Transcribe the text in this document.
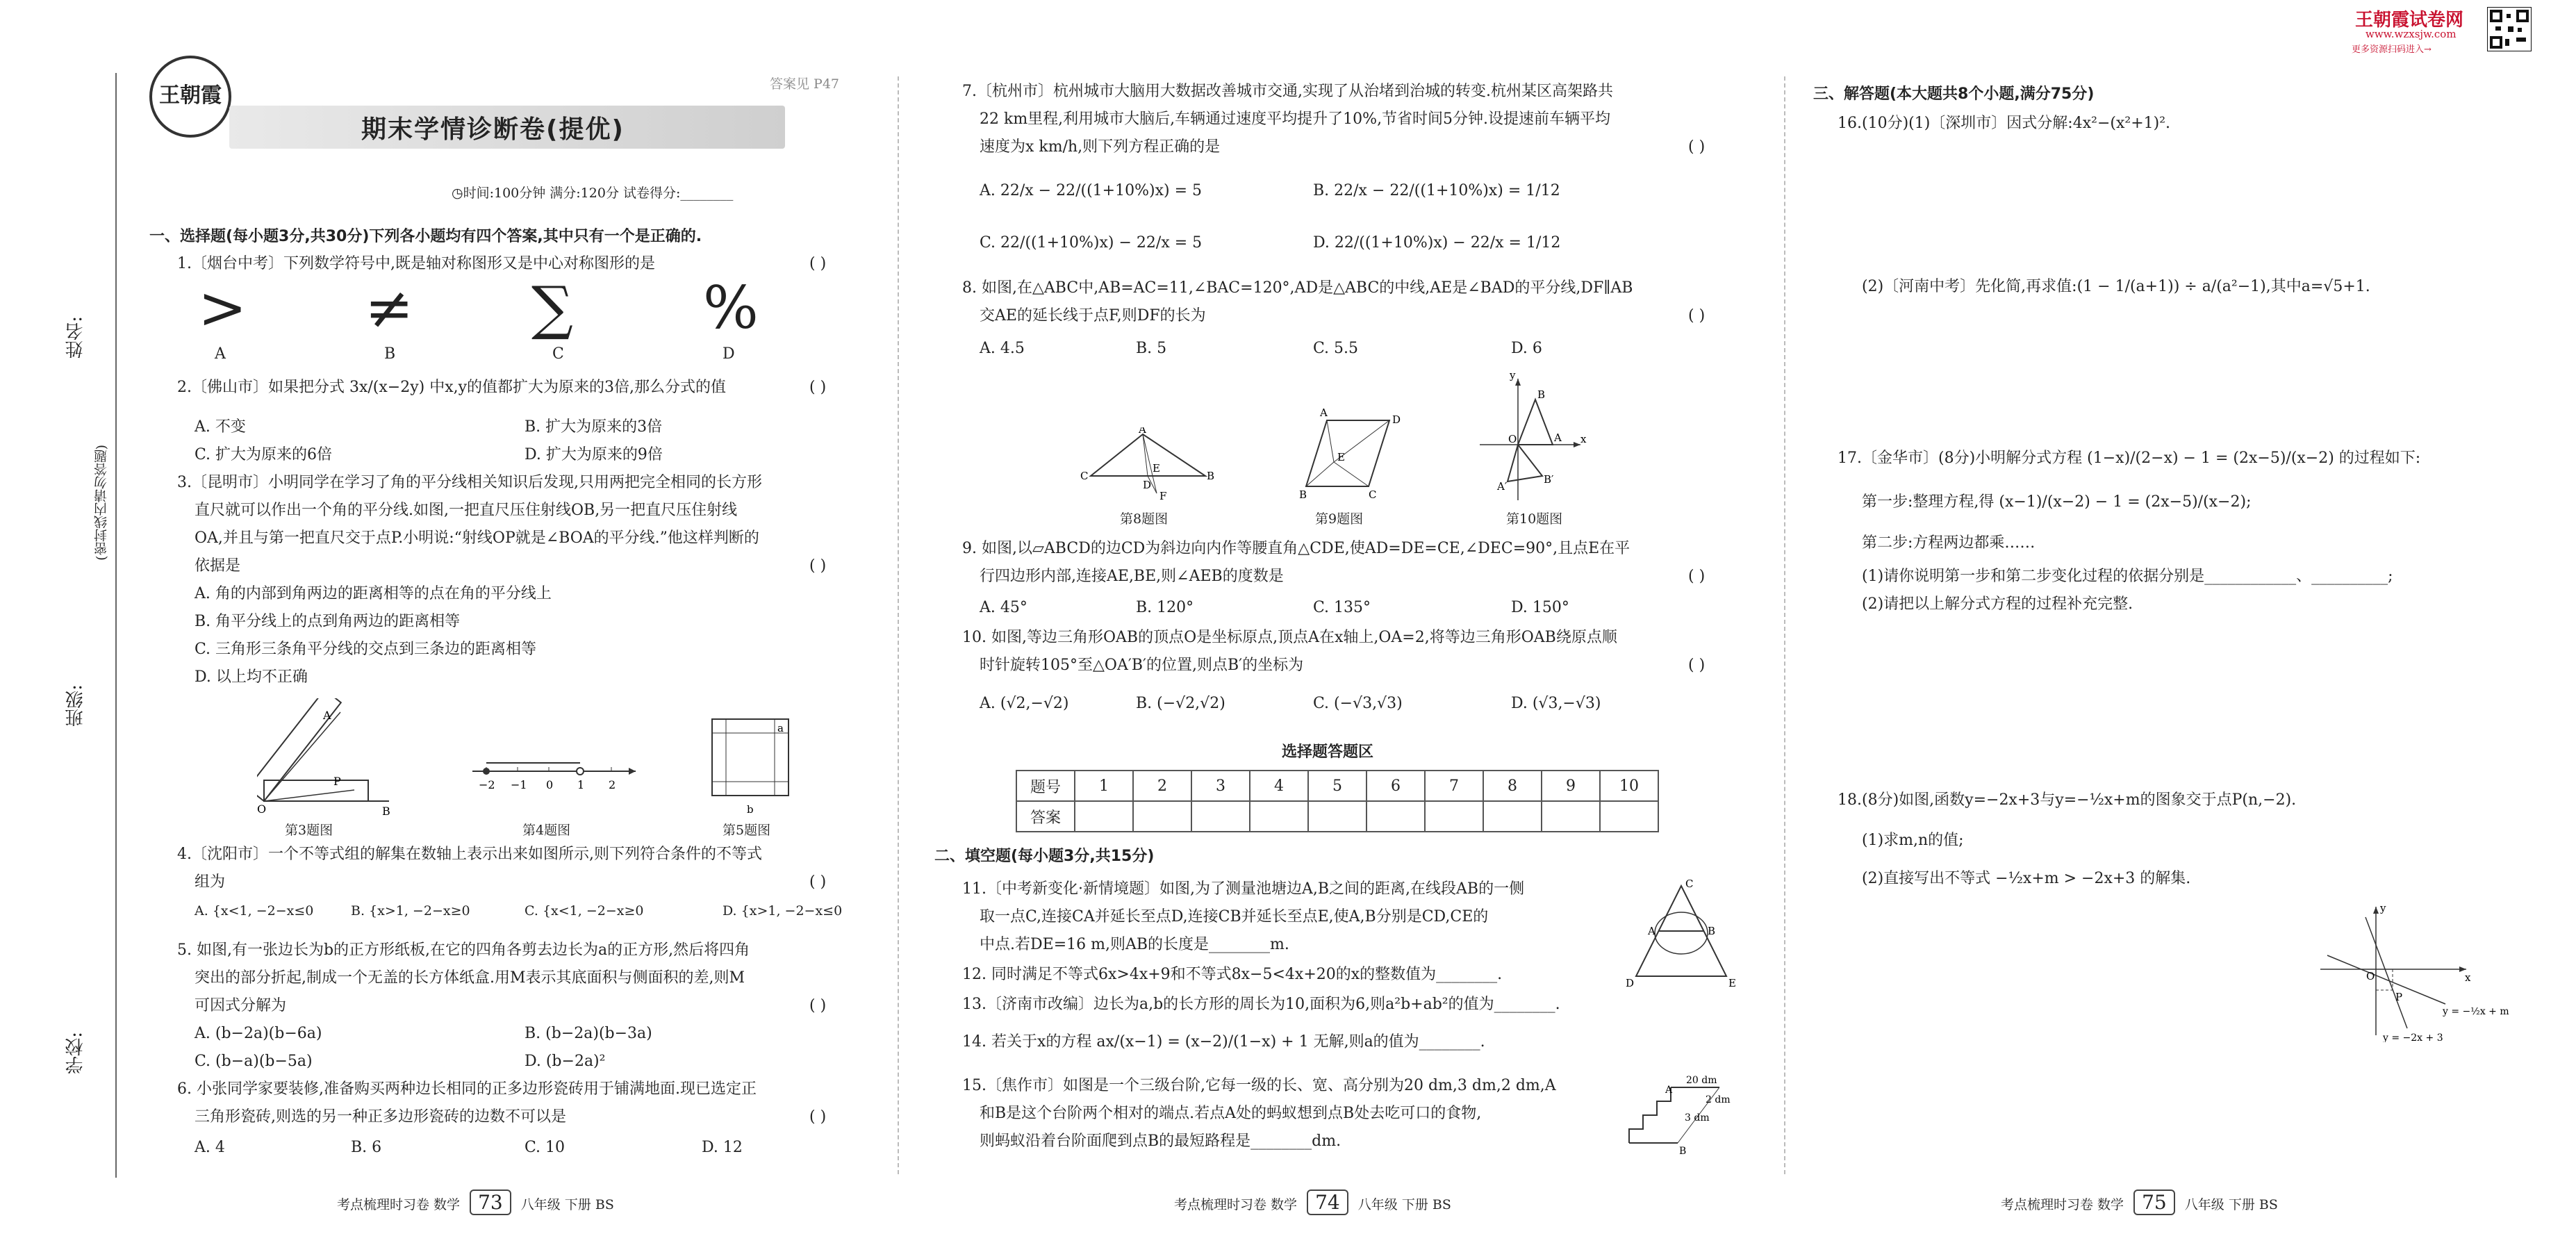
姓名:
(密封线内请勿答题)
班级:
学校:
王朝霞
期末学情诊断卷(提优)
答案见 P47
◷时间:100分钟 满分:120分 试卷得分:________
王朝霞试卷网
www.wzxsjw.com
更多资源扫码进入→
一、选择题(每小题3分,共30分)下列各小题均有四个答案,其中只有一个是正确的.
1.〔烟台中考〕下列数学符号中,既是轴对称图形又是中心对称图形的是	( )
> ≠ ∑ %
A	B	C	D
2.〔佛山市〕如果把分式 3x/(x−2y) 中x,y的值都扩大为原来的3倍,那么分式的值	( )
A. 不变	B. 扩大为原来的3倍
C. 扩大为原来的6倍	D. 扩大为原来的9倍
3.〔昆明市〕小明同学在学习了角的平分线相关知识后发现,只用两把完全相同的长方形
直尺就可以作出一个角的平分线.如图,一把直尺压住射线OB,另一把直尺压住射线
OA,并且与第一把直尺交于点P.小明说:“射线OP就是∠BOA的平分线.”他这样判断的
依据是	( )
A. 角的内部到角两边的距离相等的点在角的平分线上
B. 角平分线上的点到角两边的距离相等
C. 三角形三条角平分线的交点到三条边的距离相等
D. 以上均不正确
O
A
P
B
第3题图
−2 −1 0 1 2
第4题图
a
b
第5题图
4.〔沈阳市〕一个不等式组的解集在数轴上表示出来如图所示,则下列符合条件的不等式
组为	( )
A. {x<1, −2−x≤0	B. {x>1, −2−x≥0	C. {x<1, −2−x≥0	D. {x>1, −2−x≤0
5. 如图,有一张边长为b的正方形纸板,在它的四角各剪去边长为a的正方形,然后将四角
突出的部分折起,制成一个无盖的长方体纸盒.用M表示其底面积与侧面积的差,则M
可因式分解为	( )
A. (b−2a)(b−6a)	B. (b−2a)(b−3a)
C. (b−a)(b−5a)	D. (b−2a)²
6. 小张同学家要装修,准备购买两种边长相同的正多边形瓷砖用于铺满地面.现已选定正
三角形瓷砖,则选的另一种正多边形瓷砖的边数不可以是	( )
A. 4	B. 6	C. 10	D. 12
考点梳理时习卷 数学 73 八年级 下册 BS
7.〔杭州市〕杭州城市大脑用大数据改善城市交通,实现了从治堵到治城的转变.杭州某区高架路共
22 km里程,利用城市大脑后,车辆通过速度平均提升了10%,节省时间5分钟.设提速前车辆平均
速度为x km/h,则下列方程正确的是	( )
A. 22/x − 22/((1+10%)x) = 5	B. 22/x − 22/((1+10%)x) = 1/12
C. 22/((1+10%)x) − 22/x = 5	D. 22/((1+10%)x) − 22/x = 1/12
8. 如图,在△ABC中,AB=AC=11,∠BAC=120°,AD是△ABC的中线,AE是∠BAD的平分线,DF∥AB
交AE的延长线于点F,则DF的长为	( )
A. 4.5	B. 5	C. 5.5	D. 6
A
C	B
D
E
F
第8题图
A
D
B	C
E
第9题图
y
x
O	A
B
A′
B′
第10题图
9. 如图,以▱ABCD的边CD为斜边向内作等腰直角△CDE,使AD=DE=CE,∠DEC=90°,且点E在平
行四边形内部,连接AE,BE,则∠AEB的度数是	( )
A. 45°	B. 120°	C. 135°	D. 150°
10. 如图,等边三角形OAB的顶点O是坐标原点,顶点A在x轴上,OA=2,将等边三角形OAB绕原点顺
时针旋转105°至△OA′B′的位置,则点B′的坐标为	( )
A. (√2,−√2)	B. (−√2,√2)	C. (−√3,√3)	D. (√3,−√3)
选择题答题区
题号	1	2	3	4	5	6	7	8	9	10
答案										
二、填空题(每小题3分,共15分)
11.〔中考新变化·新情境题〕如图,为了测量池塘边A,B之间的距离,在线段AB的一侧
取一点C,连接CA并延长至点D,连接CB并延长至点E,使A,B分别是CD,CE的
中点.若DE=16 m,则AB的长度是________m.
C
A	B
D	E
12. 同时满足不等式6x>4x+9和不等式8x−5<4x+20的x的整数值为________.
13.〔济南市改编〕边长为a,b的长方形的周长为10,面积为6,则a²b+ab²的值为________.
14. 若关于x的方程 ax/(x−1) = (x−2)/(1−x) + 1 无解,则a的值为________.
15.〔焦作市〕如图是一个三级台阶,它每一级的长、宽、高分别为20 dm,3 dm,2 dm,A
和B是这个台阶两个相对的端点.若点A处的蚂蚁想到点B处去吃可口的食物,
则蚂蚁沿着台阶面爬到点B的最短路程是________dm.
20 dm
2 dm
3 dm
A
B
考点梳理时习卷 数学 74 八年级 下册 BS
三、解答题(本大题共8个小题,满分75分)
16.(10分)(1)〔深圳市〕因式分解:4x²−(x²+1)².
(2)〔河南中考〕先化简,再求值:(1 − 1/(a+1)) ÷ a/(a²−1),其中a=√5+1.
17.〔金华市〕(8分)小明解分式方程 (1−x)/(2−x) − 1 = (2x−5)/(x−2) 的过程如下:
第一步:整理方程,得 (x−1)/(x−2) − 1 = (2x−5)/(x−2);
第二步:方程两边都乘……
(1)请你说明第一步和第二步变化过程的依据分别是____________、__________;
(2)请把以上解分式方程的过程补充完整.
18.(8分)如图,函数y=−2x+3与y=−½x+m的图象交于点P(n,−2).
(1)求m,n的值;
(2)直接写出不等式 −½x+m > −2x+3 的解集.
y
x
O
P
y = −½x + m
y = −2x + 3
考点梳理时习卷 数学 75 八年级 下册 BS
